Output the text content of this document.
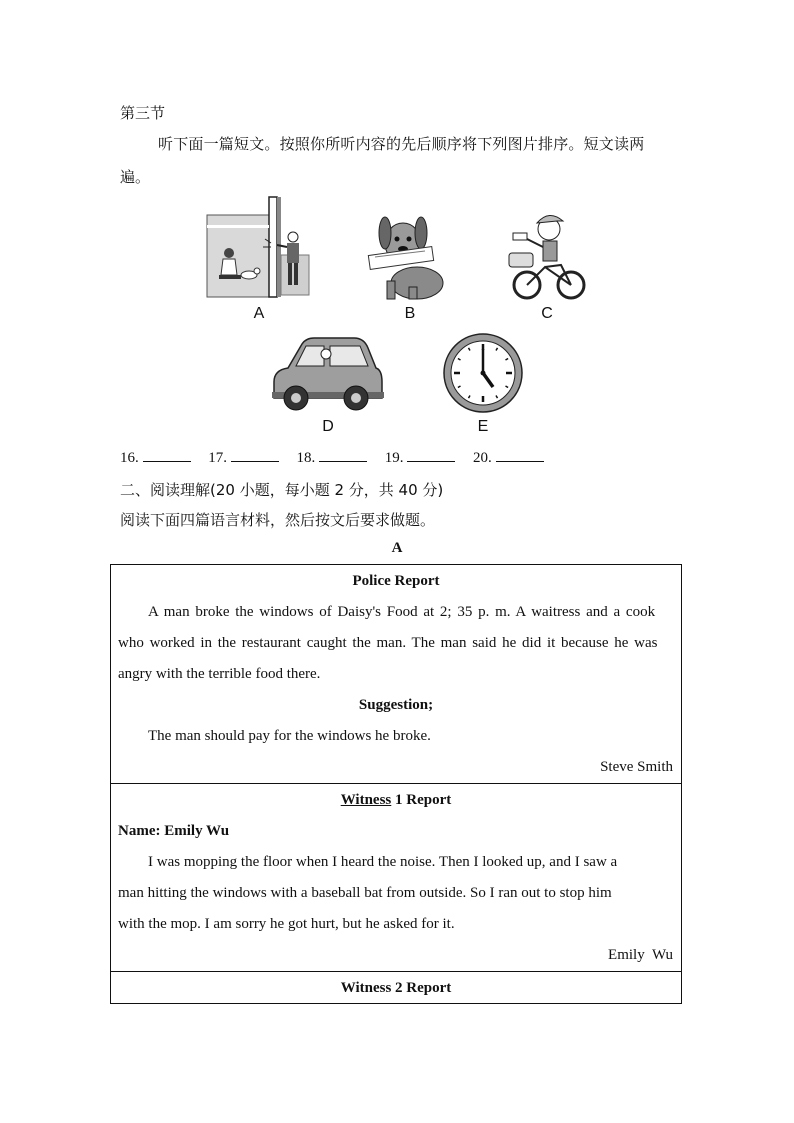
第三节
听下面一篇短文。按照你所听内容的先后顺序将下列图片排序。短文读两
遍。
A	B	C
D	E
16.	17.	18.	19.	20.
二、阅读理解(20 小题，每小题 2 分，共 40 分)
阅读下面四篇语言材料，然后按文后要求做题。
A
Police Report
A man broke the windows of Daisy's Food at 2; 35 p. m. A waitress and a cook
who worked in the restaurant caught the man. The man said he did it because he was
angry with the terrible food there.
Suggestion;
The man should pay for the windows he broke.
Steve Smith
Witness 1 Report
Name: Emily Wu
I was mopping the floor when I heard the noise. Then I looked up, and I saw a
man hitting the windows with a baseball bat from outside. So I ran out to stop him
with the mop. I am sorry he got hurt, but he asked for it.
Emily  Wu
Witness 2 Report
